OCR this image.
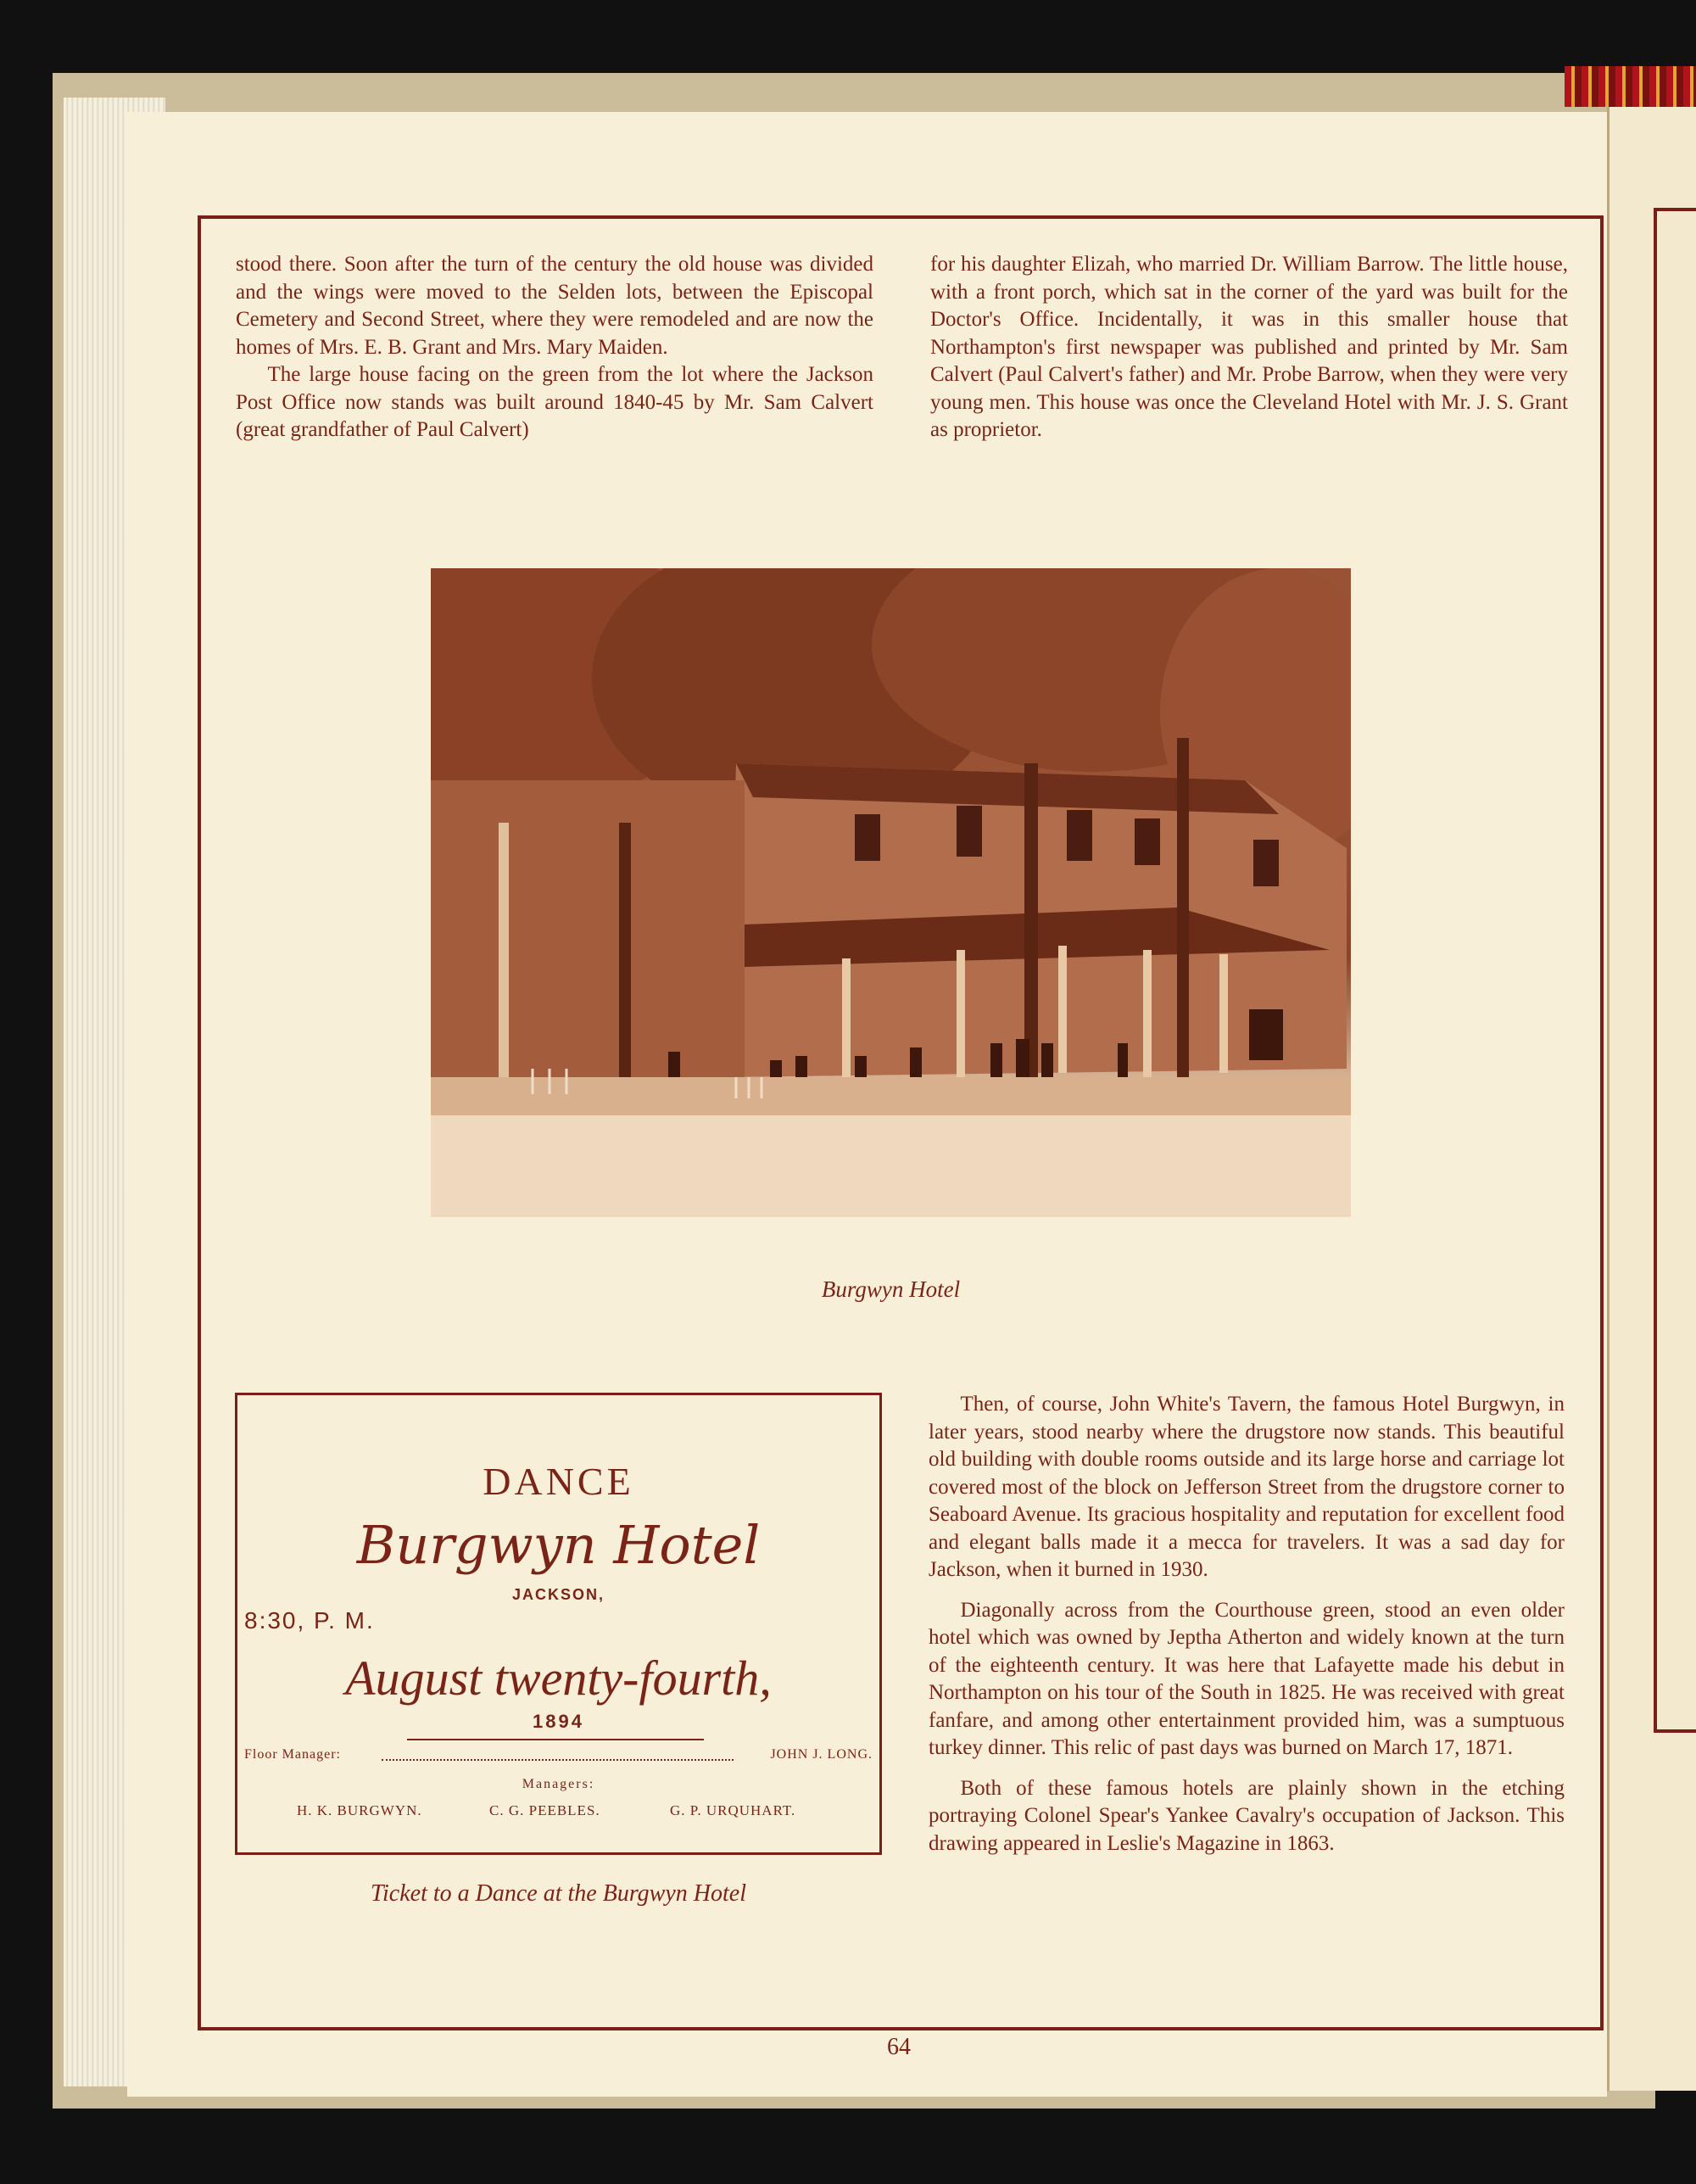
stood there. Soon after the turn of the century the old house was divided and the wings were moved to the Selden lots, between the Episcopal Cemetery and Second Street, where they were remodeled and are now the homes of Mrs. E. B. Grant and Mrs. Mary Maiden.

The large house facing on the green from the lot where the Jackson Post Office now stands was built around 1840-45 by Mr. Sam Calvert (great grandfather of Paul Calvert)

for his daughter Elizah, who married Dr. William Barrow. The little house, with a front porch, which sat in the corner of the yard was built for the Doctor's Office. Incidentally, it was in this smaller house that Northampton's first newspaper was published and printed by Mr. Sam Calvert (Paul Calvert's father) and Mr. Probe Barrow, when they were very young men. This house was once the Cleveland Hotel with Mr. J. S. Grant as proprietor.

Burgwyn Hotel
DANCE
Burgwyn Hotel
JACKSON,
8:30, P. M.
August twenty-fourth,
1894
Floor Manager:	JOHN J. LONG.
Managers:
H. K. BURGWYN.	C. G. PEEBLES.	G. P. URQUHART.
Ticket to a Dance at the Burgwyn Hotel

Then, of course, John White's Tavern, the famous Hotel Burgwyn, in later years, stood nearby where the drugstore now stands. This beautiful old building with double rooms outside and its large horse and carriage lot covered most of the block on Jefferson Street from the drugstore corner to Seaboard Avenue. Its gracious hospitality and reputation for excellent food and elegant balls made it a mecca for travelers. It was a sad day for Jackson, when it burned in 1930.

Diagonally across from the Courthouse green, stood an even older hotel which was owned by Jeptha Atherton and widely known at the turn of the eighteenth century. It was here that Lafayette made his debut in Northampton on his tour of the South in 1825. He was received with great fanfare, and among other entertainment provided him, was a sumptuous turkey dinner. This relic of past days was burned on March 17, 1871.

Both of these famous hotels are plainly shown in the etching portraying Colonel Spear's Yankee Cavalry's occupation of Jackson. This drawing appeared in Leslie's Magazine in 1863.

64
